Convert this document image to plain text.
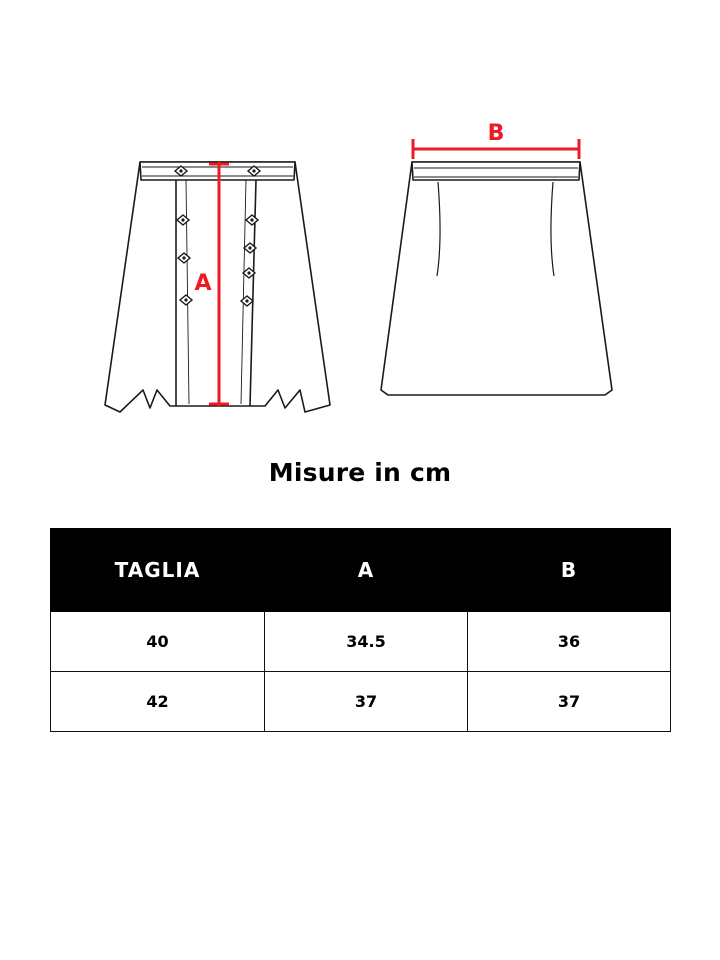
A
B
Misure in cm
TAGLIA	A	B
40	34.5	36
42	37	37
